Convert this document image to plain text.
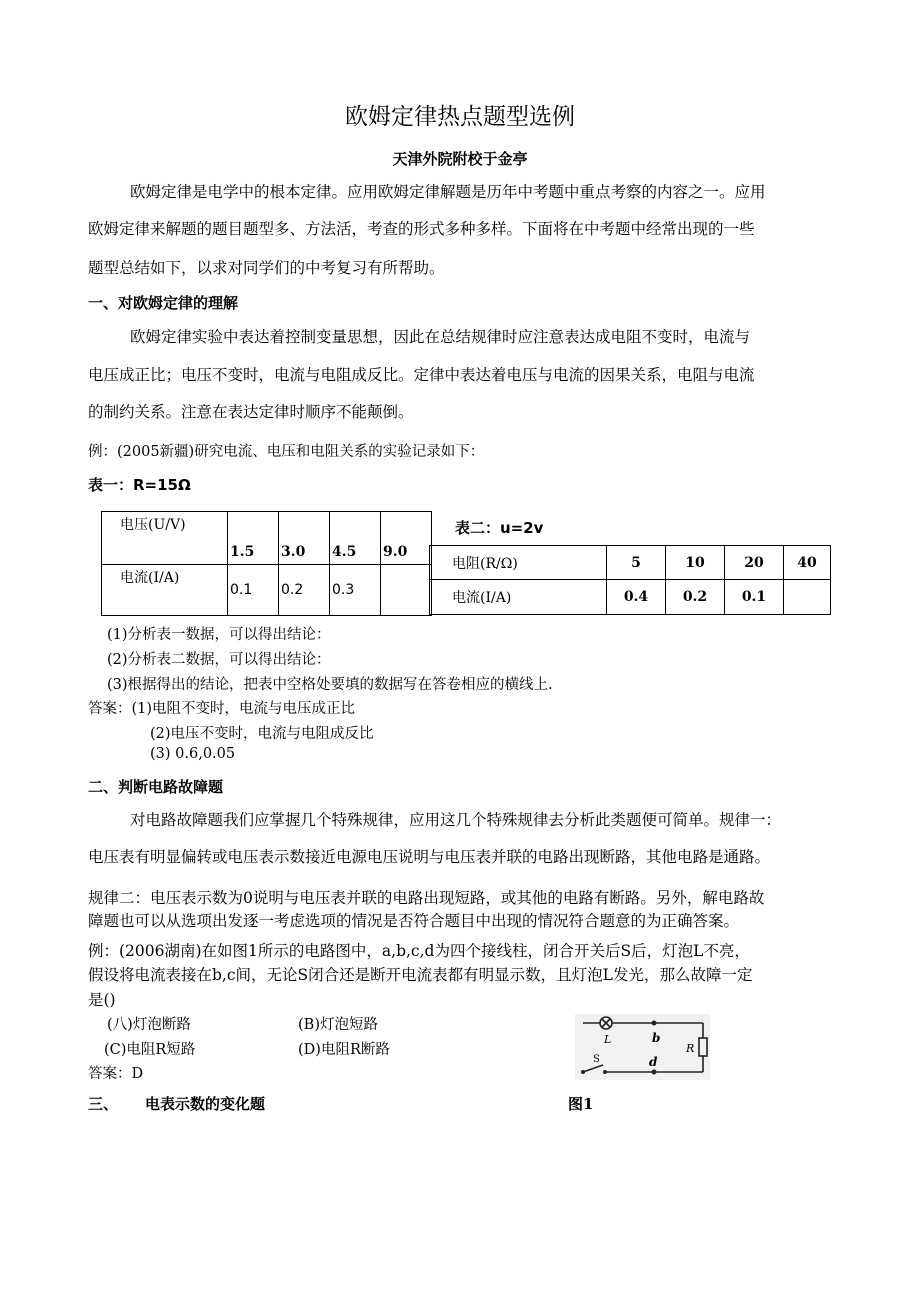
欧姆定律热点题型选例
天津外院附校于金亭
欧姆定律是电学中的根本定律。应用欧姆定律解题是历年中考题中重点考察的内容之一。应用
欧姆定律来解题的题目题型多、方法活，考查的形式多种多样。下面将在中考题中经常出现的一些
题型总结如下，以求对同学们的中考复习有所帮助。
一、对欧姆定律的理解
欧姆定律实验中表达着控制变量思想，因此在总结规律时应注意表达成电阻不变时，电流与
电压成正比；电压不变时，电流与电阻成反比。定律中表达着电压与电流的因果关系，电阻与电流
的制约关系。注意在表达定律时顺序不能颠倒。
例：(2005新疆)研究电流、电压和电阻关系的实验记录如下：
表一：R=15Ω
电压(U/V)	1.5	3.0	4.5	9.0
电流(I/A)	0.1	0.2	0.3	
表二：u=2v
电阻(R/Ω)	5	10	20	40
电流(I/A)	0.4	0.2	0.1	
(1)分析表一数据，可以得出结论：
(2)分析表二数据，可以得出结论：
(3)根据得出的结论，把表中空格处要填的数据写在答卷相应的横线上.
答案：(1)电阻不变时，电流与电压成正比
(2)电压不变时，电流与电阻成反比
(3) 0.6,0.05
二、判断电路故障题
对电路故障题我们应掌握几个特殊规律，应用这几个特殊规律去分析此类题便可简单。规律一：
电压表有明显偏转或电压表示数接近电源电压说明与电压表并联的电路出现断路，其他电路是通路。
规律二：电压表示数为0说明与电压表并联的电路出现短路，或其他的电路有断路。另外，解电路故
障题也可以从选项出发逐一考虑选项的情况是否符合题目中出现的情况符合题意的为正确答案。
例：(2006湖南)在如图1所示的电路图中，a,b,c,d为四个接线柱，闭合开关后S后，灯泡L不亮，
假设将电流表接在b,c间，无论S闭合还是断开电流表都有明显示数，且灯泡L发光，那么故障一定
是()
(八)灯泡断路	(B)灯泡短路
(C)电阻R短路	(D)电阻R断路
答案：D
L	b
R
S	d
三、 电表示数的变化题	图1
